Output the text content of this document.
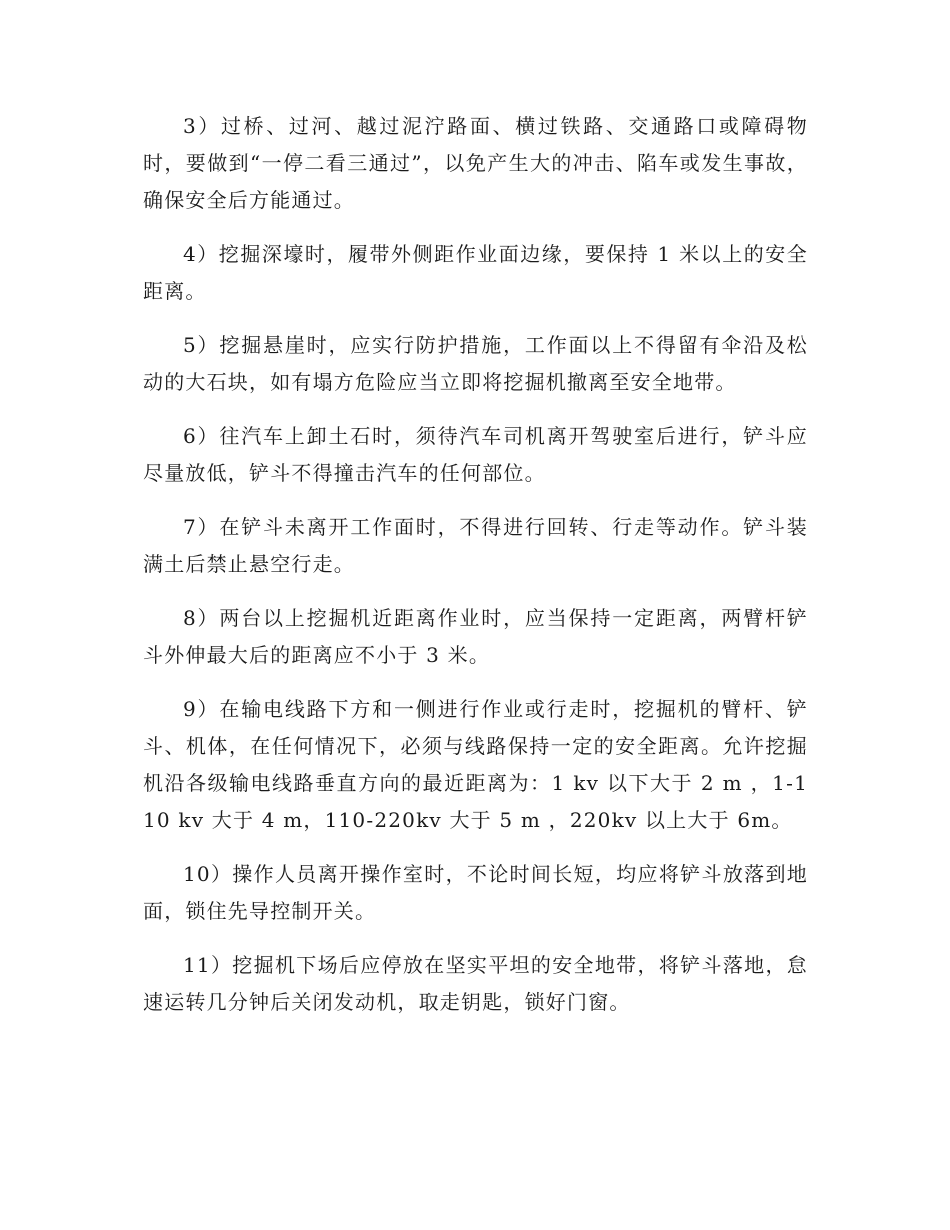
3）过桥、过河、越过泥泞路面、横过铁路、交通路口或障碍物时，要做到“一停二看三通过”，以免产生大的冲击、陷车或发生事故，确保安全后方能通过。

4）挖掘深壕时，履带外侧距作业面边缘，要保持 1 米以上的安全距离。

5）挖掘悬崖时，应实行防护措施，工作面以上不得留有伞沿及松动的大石块，如有塌方危险应当立即将挖掘机撤离至安全地带。

6）往汽车上卸土石时，须待汽车司机离开驾驶室后进行，铲斗应尽量放低，铲斗不得撞击汽车的任何部位。

7）在铲斗未离开工作面时，不得进行回转、行走等动作。铲斗装满土后禁止悬空行走。

8）两台以上挖掘机近距离作业时，应当保持一定距离，两臂杆铲斗外伸最大后的距离应不小于 3 米。

9）在输电线路下方和一侧进行作业或行走时，挖掘机的臂杆、铲斗、机体，在任何情况下，必须与线路保持一定的安全距离。允许挖掘机沿各级输电线路垂直方向的最近距离为：1 kv 以下大于 2 m ，1-110 kv 大于 4 m，110-220kv 大于 5 m ，220kv 以上大于 6m。

10）操作人员离开操作室时，不论时间长短，均应将铲斗放落到地面，锁住先导控制开关。

11）挖掘机下场后应停放在坚实平坦的安全地带，将铲斗落地，怠速运转几分钟后关闭发动机，取走钥匙，锁好门窗。
